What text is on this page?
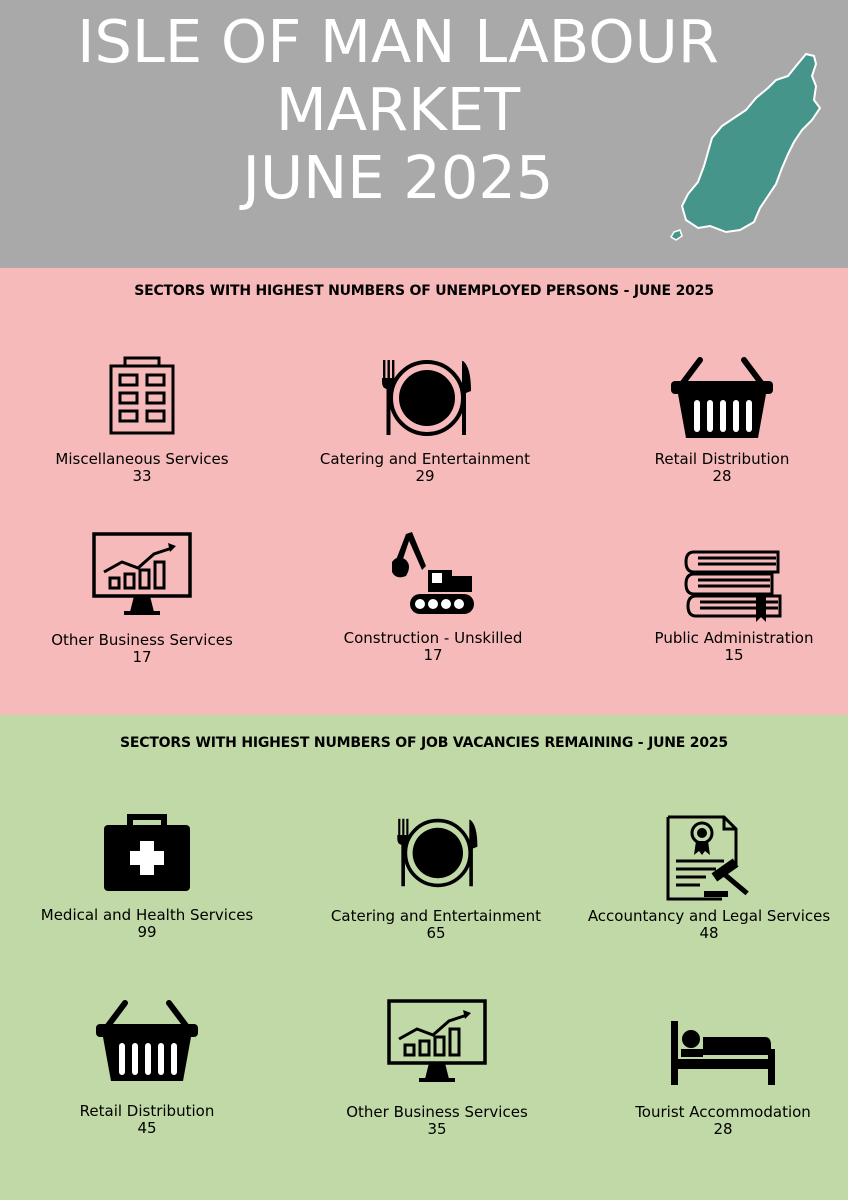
ISLE OF MAN LABOUR
MARKET
JUNE 2025
SECTORS WITH HIGHEST NUMBERS OF UNEMPLOYED PERSONS - JUNE 2025
Miscellaneous Services
33
Catering and Entertainment
29
Retail Distribution
28
Other Business Services
17
Construction - Unskilled
17
Public Administration
15
SECTORS WITH HIGHEST NUMBERS OF JOB VACANCIES REMAINING - JUNE 2025
Medical and Health Services
99
Catering and Entertainment
65
Accountancy and Legal Services
48
Retail Distribution
45
Other Business Services
35
Tourist Accommodation
28
